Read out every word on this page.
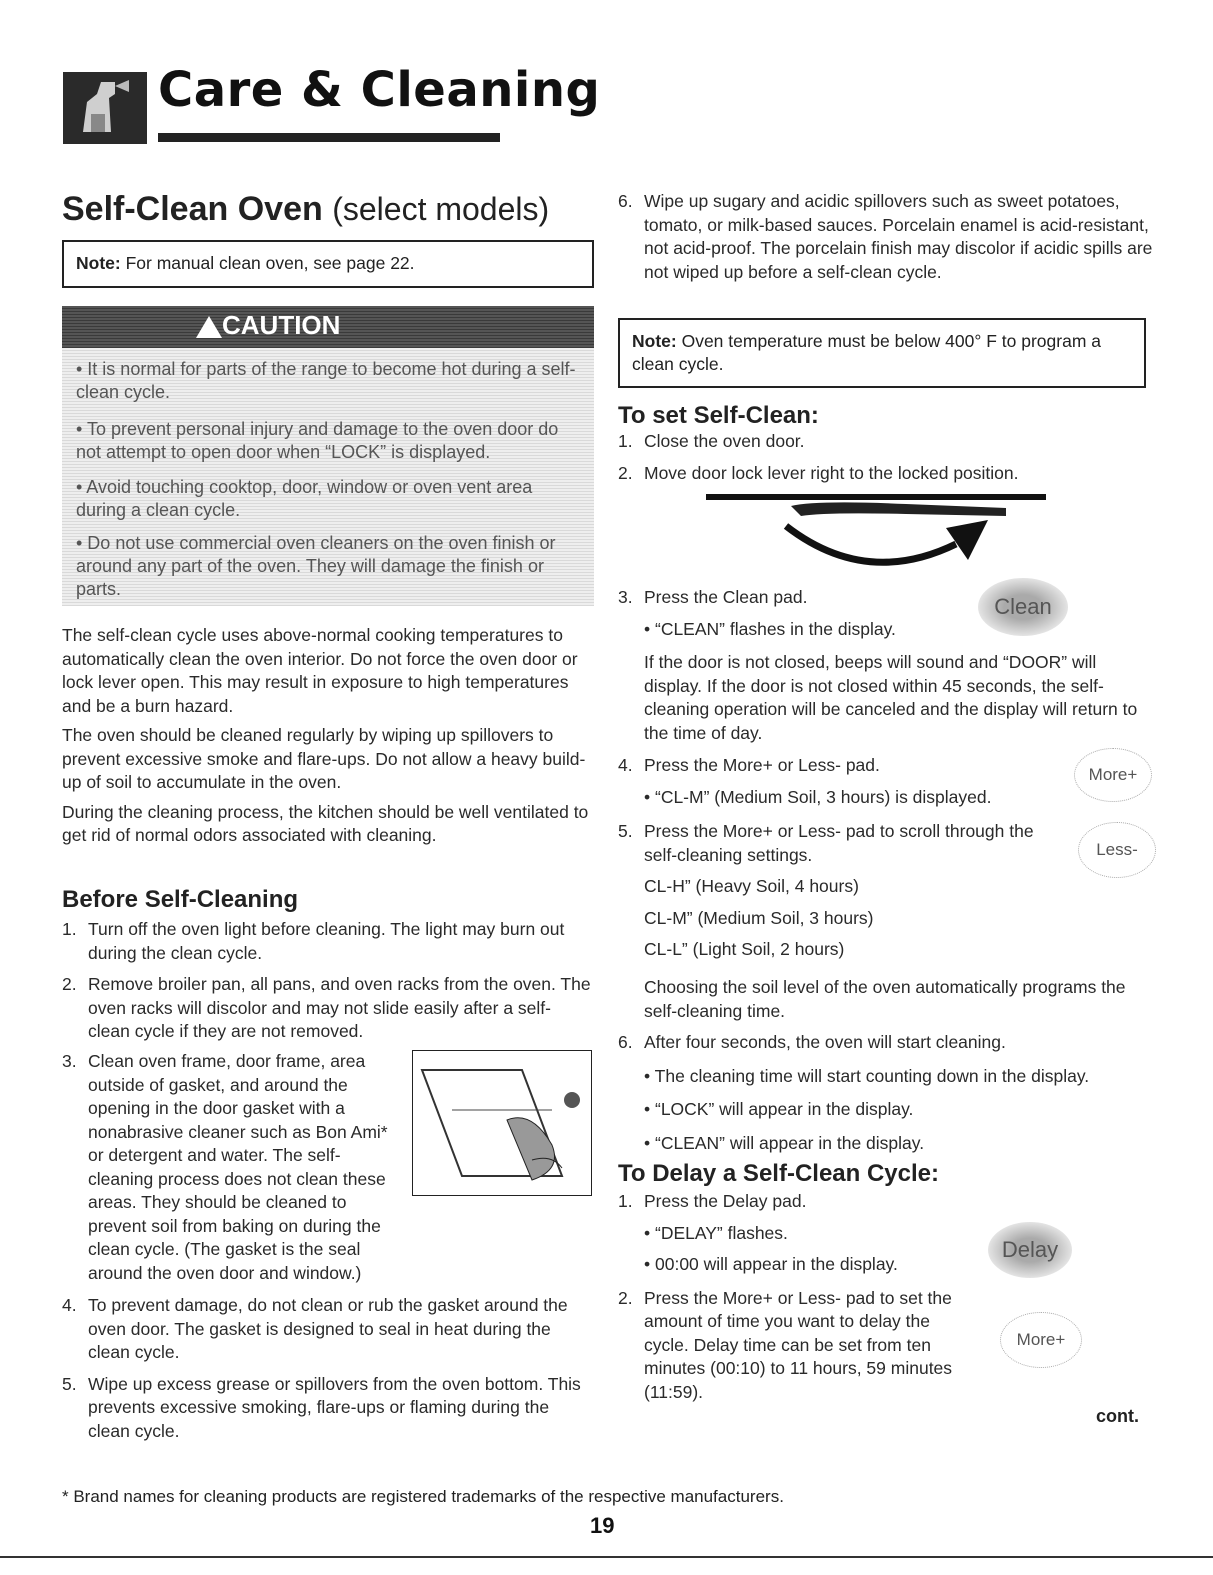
Care & Cleaning
Self-Clean Oven (select models)
Note: For manual clean oven, see page 22.
CAUTION
• It is normal for parts of the range to become hot during a self-clean cycle.
• To prevent personal injury and damage to the oven door do not attempt to open door when “LOCK” is displayed.
• Avoid touching cooktop, door, window or oven vent area during a clean cycle.
• Do not use commercial oven cleaners on the oven finish or around any part of the oven. They will damage the finish or parts.

The self-clean cycle uses above-normal cooking temperatures to automatically clean the oven interior. Do not force the oven door or lock lever open. This may result in exposure to high temperatures and be a burn hazard.

The oven should be cleaned regularly by wiping up spillovers to prevent excessive smoke and flare-ups. Do not allow a heavy build-up of soil to accumulate in the oven.

During the cleaning process, the kitchen should be well ventilated to get rid of normal odors associated with cleaning.

Before Self-Cleaning

1. Turn off the oven light before cleaning. The light may burn out during the clean cycle.

2. Remove broiler pan, all pans, and oven racks from the oven. The oven racks will discolor and may not slide easily after a self-clean cycle if they are not removed.

3. Clean oven frame, door frame, area outside of gasket, and around the opening in the door gasket with a nonabrasive cleaner such as Bon Ami* or detergent and water. The self-cleaning process does not clean these areas. They should be cleaned to prevent soil from baking on during the clean cycle. (The gasket is the seal around the oven door and window.)

4. To prevent damage, do not clean or rub the gasket around the oven door. The gasket is designed to seal in heat during the clean cycle.

5. Wipe up excess grease or spillovers from the oven bottom. This prevents excessive smoking, flare-ups or flaming during the clean cycle.

6. Wipe up sugary and acidic spillovers such as sweet potatoes, tomato, or milk-based sauces. Porcelain enamel is acid-resistant, not acid-proof. The porcelain finish may discolor if acidic spills are not wiped up before a self-clean cycle.

Note: Oven temperature must be below 400° F to program a clean cycle.
To set Self-Clean:

1. Close the oven door.

2. Move door lock lever right to the locked position.

3. Press the Clean pad.

• “CLEAN” flashes in the display.

If the door is not closed, beeps will sound and “DOOR” will display. If the door is not closed within 45 seconds, the self-cleaning operation will be canceled and the display will return to the time of day.

Clean

4. Press the More+ or Less- pad.

• “CL-M” (Medium Soil, 3 hours) is displayed.

More+

5. Press the More+ or Less- pad to scroll through the self-cleaning settings.

CL-H” (Heavy Soil, 4 hours)

CL-M” (Medium Soil, 3 hours)

CL-L” (Light Soil, 2 hours)

Less-

Choosing the soil level of the oven automatically programs the self-cleaning time.

6. After four seconds, the oven will start cleaning.

• The cleaning time will start counting down in the display.

• “LOCK” will appear in the display.

• “CLEAN” will appear in the display.

To Delay a Self-Clean Cycle:

1. Press the Delay pad.

• “DELAY” flashes.

• 00:00 will appear in the display.

2. Press the More+ or Less- pad to set the amount of time you want to delay the cycle. Delay time can be set from ten minutes (00:10) to 11 hours, 59 minutes (11:59).

Delay
More+
cont.
* Brand names for cleaning products are registered trademarks of the respective manufacturers.
19
